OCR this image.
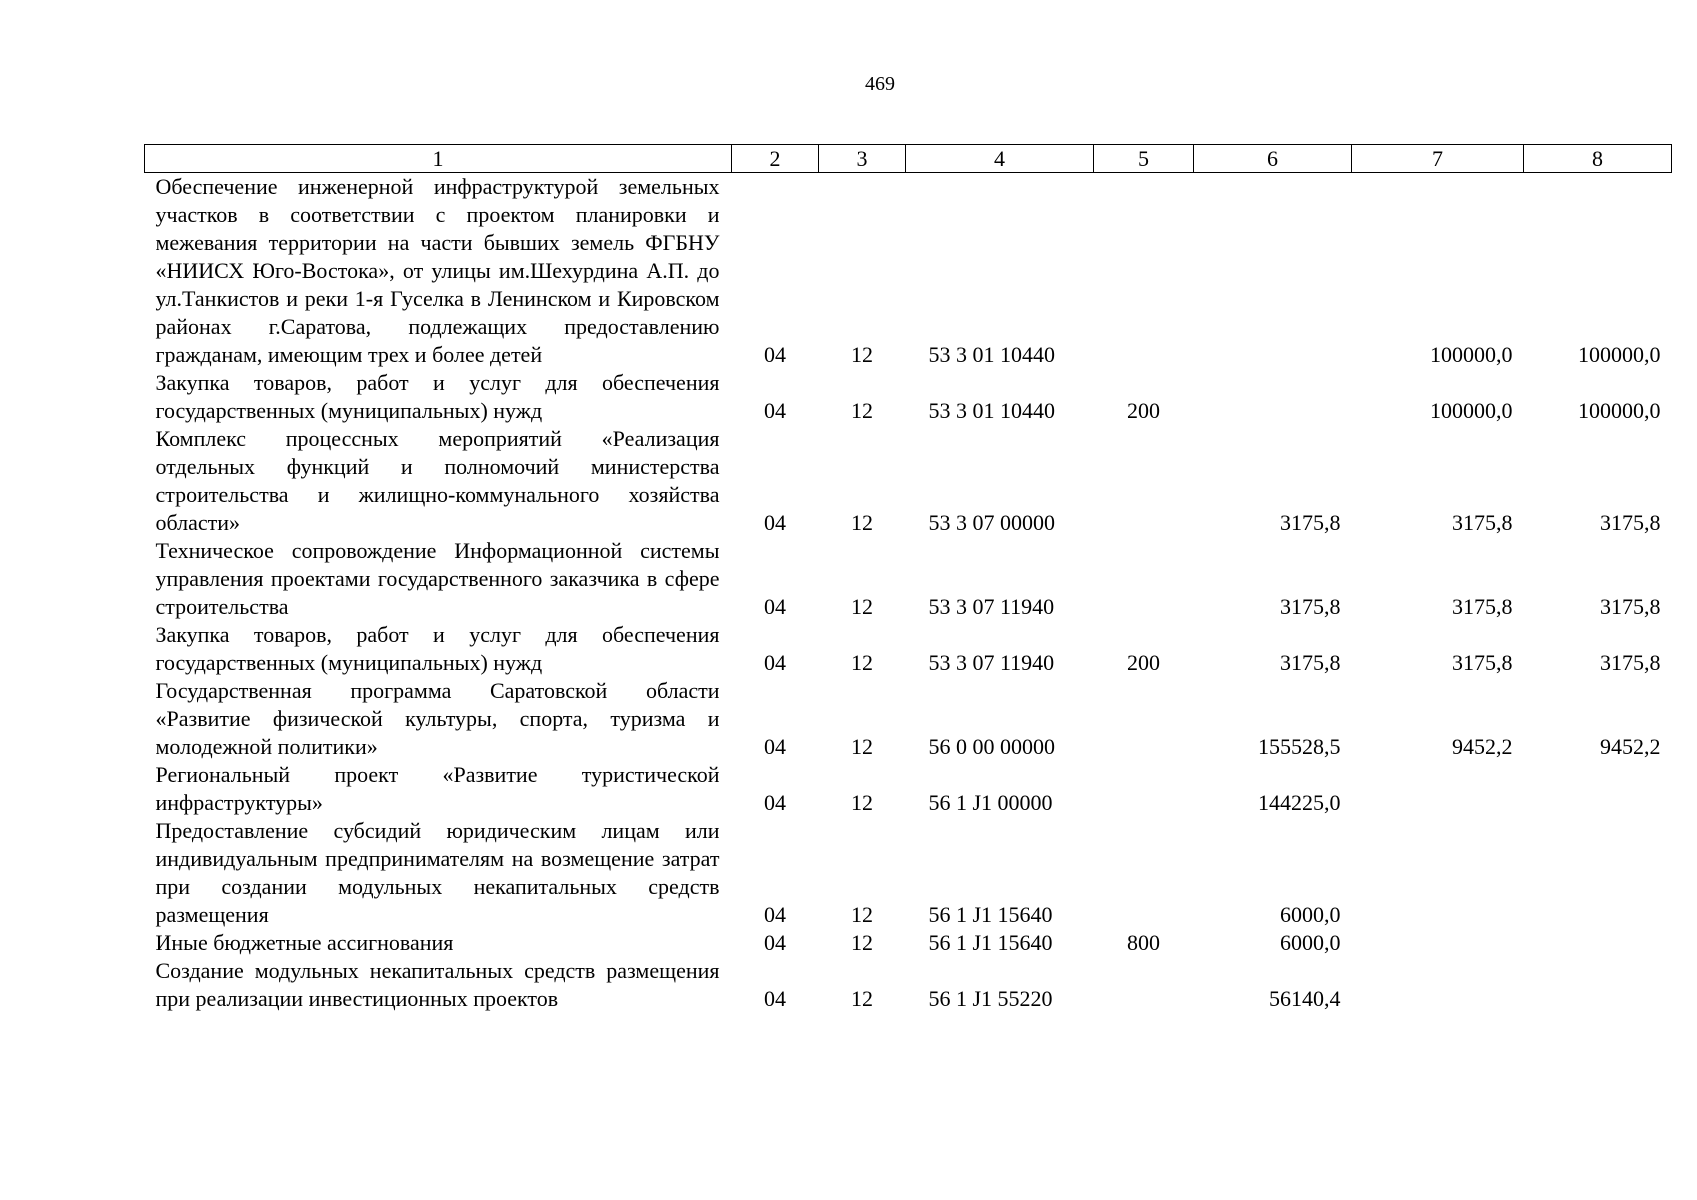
469
1	2	3	4	5	6	7	8
Обеспечение инженерной инфраструктурой земельных участков в соответствии с проектом планировки и межевания территории на части бывших земель ФГБНУ «НИИСХ Юго-Востока», от улицы им.Шехурдина А.П. до ул.Танкистов и реки 1-я Гуселка в Ленинском и Кировском районах г.Саратова, подлежащих предоставлению гражданам, имеющим трех и более детей	04	12	53 3 01 10440			100000,0	100000,0
Закупка товаров, работ и услуг для обеспечения государственных (муниципальных) нужд	04	12	53 3 01 10440	200		100000,0	100000,0
Комплекс процессных мероприятий «Реализация отдельных функций и полномочий министерства строительства и жилищно-коммунального хозяйства области»	04	12	53 3 07 00000		3175,8	3175,8	3175,8
Техническое сопровождение Информационной системы управления проектами государственного заказчика в сфере строительства	04	12	53 3 07 11940		3175,8	3175,8	3175,8
Закупка товаров, работ и услуг для обеспечения государственных (муниципальных) нужд	04	12	53 3 07 11940	200	3175,8	3175,8	3175,8
Государственная программа Саратовской области «Развитие физической культуры, спорта, туризма и молодежной политики»	04	12	56 0 00 00000		155528,5	9452,2	9452,2
Региональный проект «Развитие туристической инфраструктуры»	04	12	56 1 J1 00000		144225,0		
Предоставление субсидий юридическим лицам или индивидуальным предпринимателям на возмещение затрат при создании модульных некапитальных средств размещения	04	12	56 1 J1 15640		6000,0		
Иные бюджетные ассигнования	04	12	56 1 J1 15640	800	6000,0		
Создание модульных некапитальных средств размещения при реализации инвестиционных проектов	04	12	56 1 J1 55220		56140,4		
